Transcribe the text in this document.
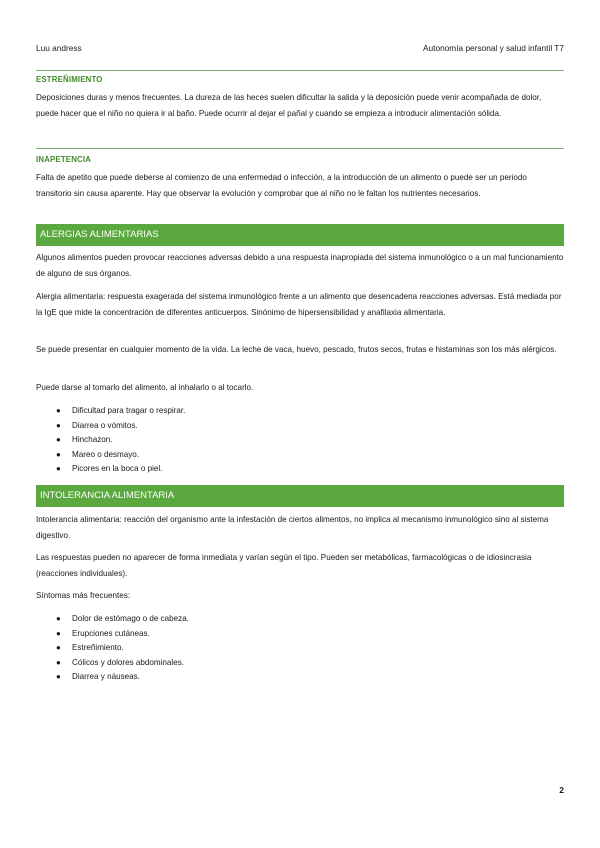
Luu andress	Autonomía personal y salud infantil T7
ESTREÑIMIENTO
Deposiciones duras y menos frecuentes. La dureza de las heces suelen dificultar la salida y la deposición puede venir acompañada de dolor, puede hacer que el niño no quiera ir al baño. Puede ocurrir al dejar el pañal y cuando se empieza a introducir alimentación sólida.
INAPETENCIA
Falta de apetito que puede deberse al comienzo de una enfermedad o infección, a la introducción de un alimento o puede ser un periodo transitorio sin causa aparente. Hay que observar la evolución y comprobar que al niño no le faltan los nutrientes necesarios.
ALERGIAS ALIMENTARIAS
Algunos alimentos pueden provocar reacciones adversas debido a una respuesta inapropiada del sistema inmunológico o a un mal funcionamiento de alguno de sus órganos.
Alergia alimentaria: respuesta exagerada del sistema inmunológico frente a un alimento que desencadena reacciones adversas. Está mediada por la IgE que mide la concentración de diferentes anticuerpos. Sinónimo de hipersensibilidad y anafilaxia alimentaria.
Se puede presentar en cualquier momento de la vida. La leche de vaca, huevo, pescado, frutos secos, frutas e histaminas son los más alérgicos.
Puede darse al tomarlo del alimento, al inhalarlo o al tocarlo.
● Dificultad para tragar o respirar.
● Diarrea o vómitos.
● Hinchazon.
● Mareo o desmayo.
● Picores en la boca o piel.
INTOLERANCIA ALIMENTARIA
Intolerancia alimentaria: reacción del organismo ante la infestación de ciertos alimentos, no implica al mecanismo inmunológico sino al sistema digestivo.
Las respuestas pueden no aparecer de forma inmediata y varían según el tipo. Pueden ser metabólicas, farmacológicas o de idiosincrasia (reacciones individuales).
Síntomas más frecuentes:
● Dolor de estómago o de cabeza.
● Erupciones cutáneas.
● Estreñimiento.
● Cólicos y dolores abdominales.
● Diarrea y náuseas.
2
